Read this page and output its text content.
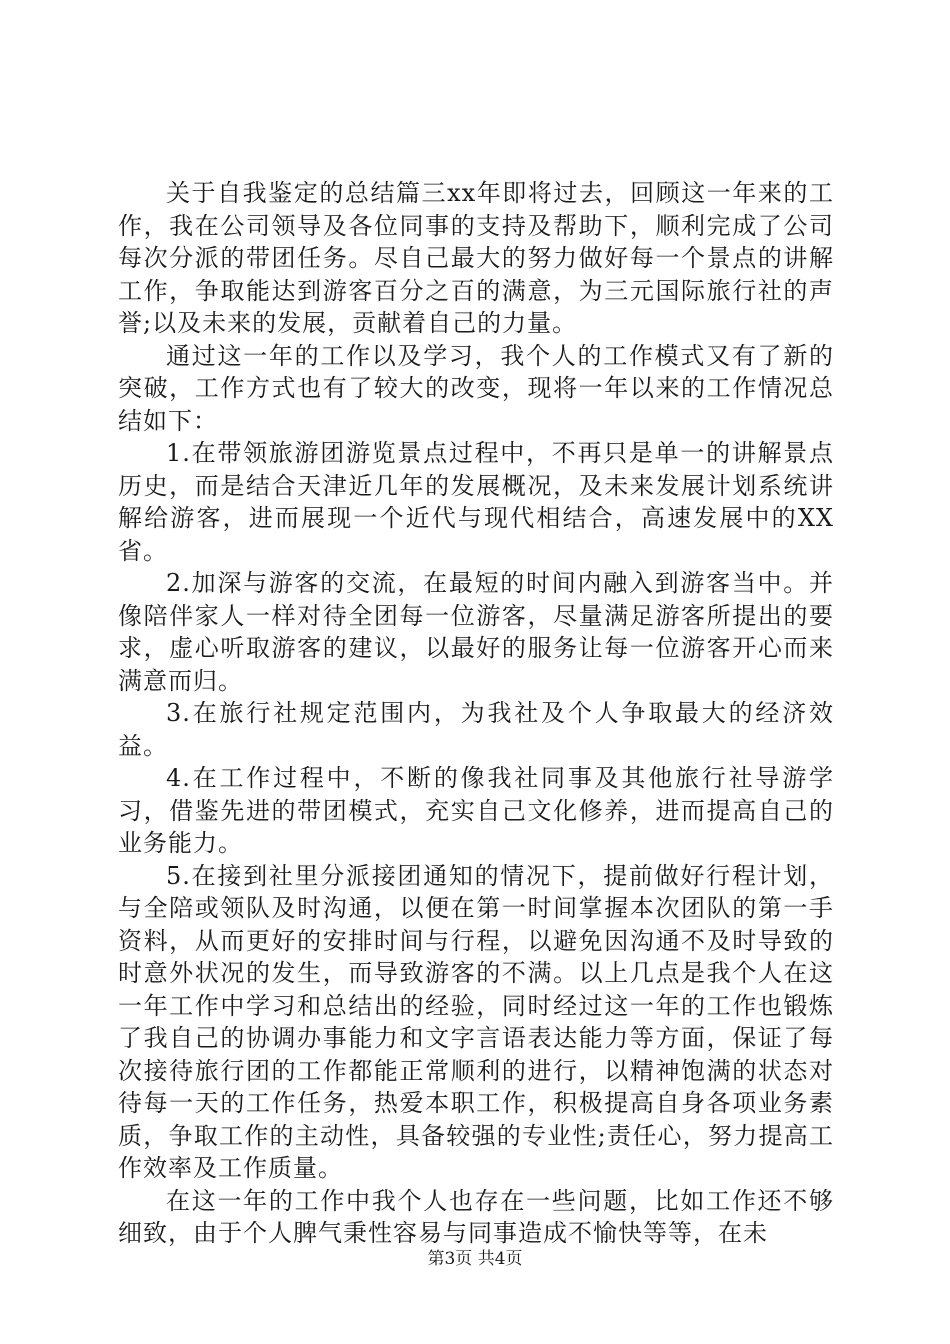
关于自我鉴定的总结篇三xx年即将过去，回顾这一年来的工作，我在公司领导及各位同事的支持及帮助下，顺利完成了公司每次分派的带团任务。尽自己最大的努力做好每一个景点的讲解工作，争取能达到游客百分之百的满意，为三元国际旅行社的声誉;以及未来的发展，贡献着自己的力量。

通过这一年的工作以及学习，我个人的工作模式又有了新的突破，工作方式也有了较大的改变，现将一年以来的工作情况总结如下：

1.在带领旅游团游览景点过程中，不再只是单一的讲解景点历史，而是结合天津近几年的发展概况，及未来发展计划系统讲解给游客，进而展现一个近代与现代相结合，高速发展中的XX省。

2.加深与游客的交流，在最短的时间内融入到游客当中。并像陪伴家人一样对待全团每一位游客，尽量满足游客所提出的要求，虚心听取游客的建议，以最好的服务让每一位游客开心而来满意而归。

3.在旅行社规定范围内，为我社及个人争取最大的经济效益。

4.在工作过程中，不断的像我社同事及其他旅行社导游学习，借鉴先进的带团模式，充实自己文化修养，进而提高自己的业务能力。

5.在接到社里分派接团通知的情况下，提前做好行程计划，与全陪或领队及时沟通，以便在第一时间掌握本次团队的第一手资料，从而更好的安排时间与行程，以避免因沟通不及时导致的时意外状况的发生，而导致游客的不满。以上几点是我个人在这一年工作中学习和总结出的经验，同时经过这一年的工作也锻炼了我自己的协调办事能力和文字言语表达能力等方面，保证了每次接待旅行团的工作都能正常顺利的进行，以精神饱满的状态对待每一天的工作任务，热爱本职工作，积极提高自身各项业务素质，争取工作的主动性，具备较强的专业性;责任心，努力提高工作效率及工作质量。

在这一年的工作中我个人也存在一些问题，比如工作还不够细致，由于个人脾气秉性容易与同事造成不愉快等等，在未

第3页 共4页
